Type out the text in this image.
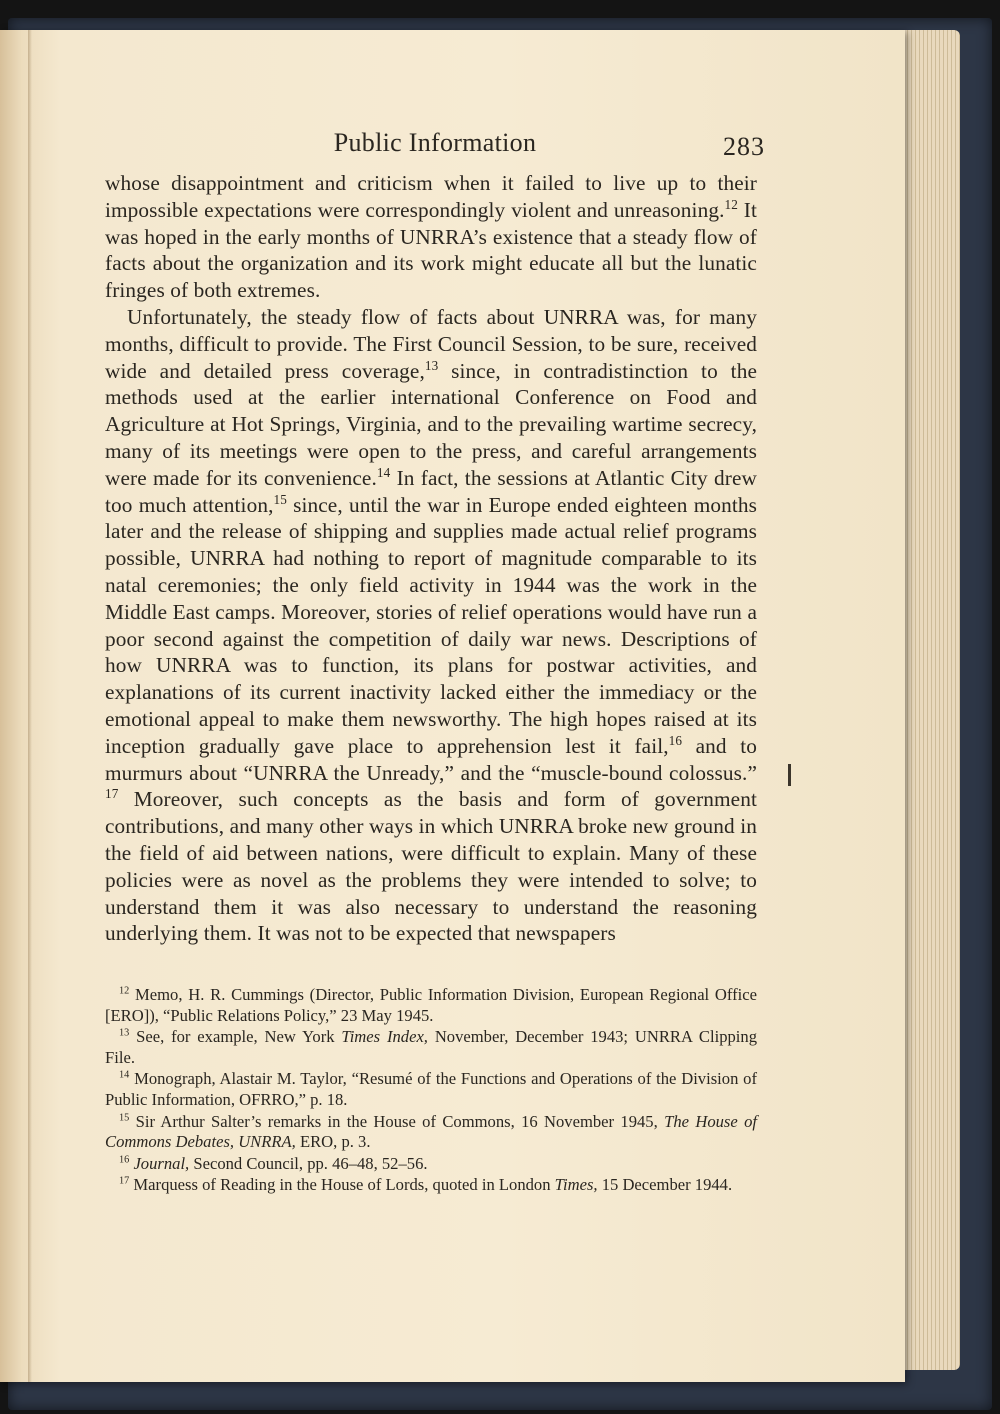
Public Information	283

whose disappointment and criticism when it failed to live up to their impossible expectations were correspondingly violent and unreasoning.$^{12}$ It was hoped in the early months of UNRRA’s existence that a steady flow of facts about the organization and its work might educate all but the lunatic fringes of both extremes.

Unfortunately, the steady flow of facts about UNRRA was, for many months, difficult to provide. The First Council Session, to be sure, received wide and detailed press coverage,$^{13}$ since, in contradistinction to the methods used at the earlier international Conference on Food and Agriculture at Hot Springs, Virginia, and to the prevailing wartime secrecy, many of its meetings were open to the press, and careful arrangements were made for its convenience.$^{14}$ In fact, the sessions at Atlantic City drew too much attention,$^{15}$ since, until the war in Europe ended eighteen months later and the release of shipping and supplies made actual relief programs possible, UNRRA had nothing to report of magnitude comparable to its natal ceremonies; the only field activity in 1944 was the work in the Middle East camps. Moreover, stories of relief operations would have run a poor second against the competition of daily war news. Descriptions of how UNRRA was to function, its plans for postwar activities, and explanations of its current inactivity lacked either the immediacy or the emotional appeal to make them newsworthy. The high hopes raised at its inception gradually gave place to apprehension lest it fail,$^{16}$ and to murmurs about “UNRRA the Unready,” and the “muscle-bound colossus.” $^{17}$ Moreover, such concepts as the basis and form of government contributions, and many other ways in which UNRRA broke new ground in the field of aid between nations, were difficult to explain. Many of these policies were as novel as the problems they were intended to solve; to understand them it was also necessary to understand the reasoning underlying them. It was not to be expected that newspapers

$^{12}$ Memo, H. R. Cummings (Director, Public Information Division, European Regional Office [ERO]), “Public Relations Policy,” 23 May 1945.

$^{13}$ See, for example, New York Times Index, November, December 1943; UNRRA Clipping File.

$^{14}$ Monograph, Alastair M. Taylor, “Resumé of the Functions and Operations of the Division of Public Information, OFRRO,” p. 18.

$^{15}$ Sir Arthur Salter’s remarks in the House of Commons, 16 November 1945, The House of Commons Debates, UNRRA, ERO, p. 3.

$^{16}$ Journal, Second Council, pp. 46–48, 52–56.

$^{17}$ Marquess of Reading in the House of Lords, quoted in London Times, 15 December 1944.
